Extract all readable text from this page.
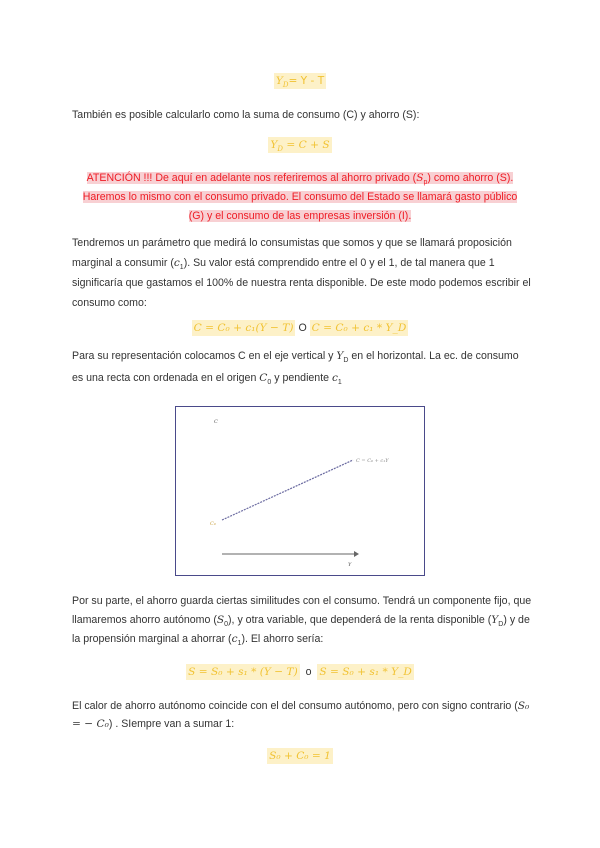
$Y_D= Y - T$
También es posible calcularlo como la suma de consumo (C) y ahorro (S):
$Y_D = C + S$
ATENCIÓN !!! De aquí en adelante nos referiremos al ahorro privado $(S_p)$ como ahorro (S).
Haremos lo mismo con el consumo privado. El consumo del Estado se llamará gasto público
(G) y el consumo de las empresas inversión (I).
Tendremos un parámetro que medirá lo consumistas que somos y que se llamará proposición marginal a consumir $(c_1)$. Su valor está comprendido entre el 0 y el 1, de tal manera que 1 significaría que gastamos el 100% de nuestra renta disponible. De este modo podemos escribir el consumo como:
C = C₀ + c₁(Y − T) O C = C₀ + c₁ * Y_D
Para su representación colocamos C en el eje vertical y $Y_D$ en el horizontal. La ec. de consumo es una recta con ordenada en el origen $C_0$ y pendiente $c_1$
C
C₀
C = C₀ + c₁Y
Y
Por su parte, el ahorro guarda ciertas similitudes con el consumo. Tendrá un componente fijo, que llamaremos ahorro autónomo $(S_0)$, y otra variable, que dependerá de la renta disponible $(Y_D)$ y de la propensión marginal a ahorrar $(c_1)$. El ahorro sería:
S = S₀ + s₁ * (Y − T) o S = S₀ + s₁ * Y_D
El calor de ahorro autónomo coincide con el del consumo autónomo, pero con signo contrario (S₀ = − C₀) . SIempre van a sumar 1:
S₀ + C₀ = 1
